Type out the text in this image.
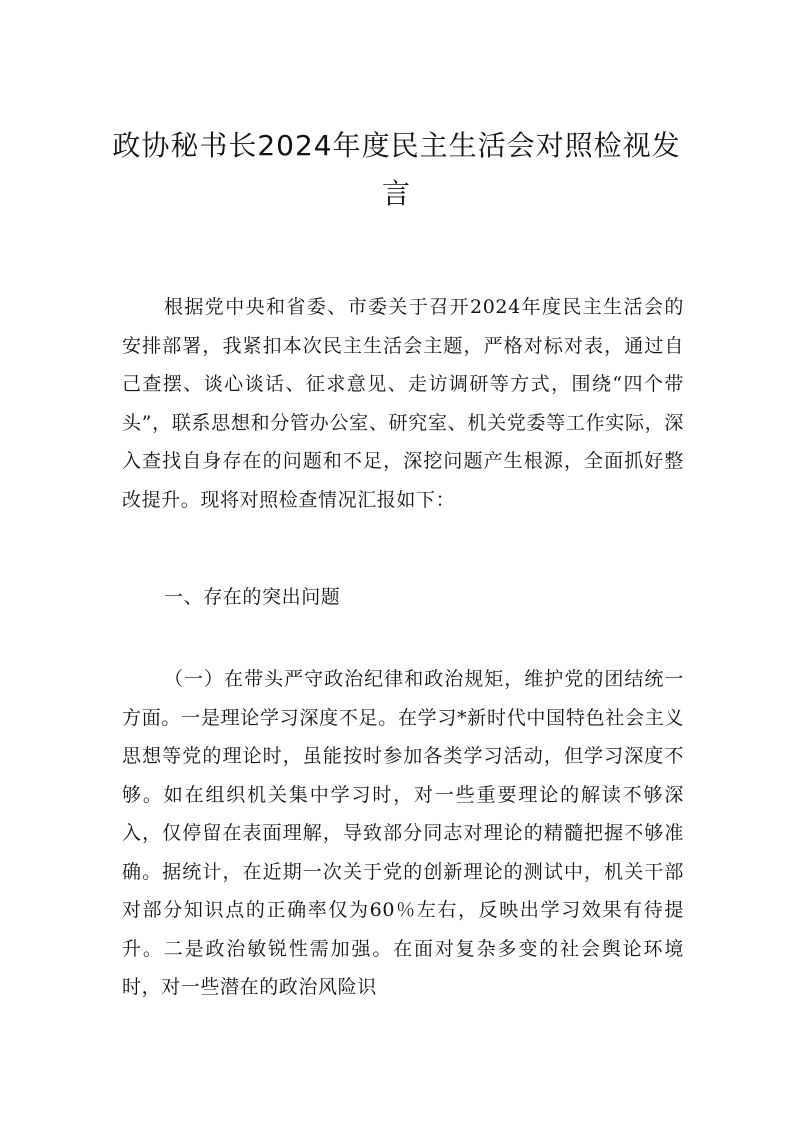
政协秘书长2024年度民主生活会对照检视发言

根据党中央和省委、市委关于召开2024年度民主生活会的安排部署，我紧扣本次民主生活会主题，严格对标对表，通过自己查摆、谈心谈话、征求意见、走访调研等方式，围绕“四个带头”，联系思想和分管办公室、研究室、机关党委等工作实际，深入查找自身存在的问题和不足，深挖问题产生根源，全面抓好整改提升。现将对照检查情况汇报如下：

一、存在的突出问题

（一）在带头严守政治纪律和政治规矩，维护党的团结统一方面。一是理论学习深度不足。在学习*新时代中国特色社会主义思想等党的理论时，虽能按时参加各类学习活动，但学习深度不够。如在组织机关集中学习时，对一些重要理论的解读不够深入，仅停留在表面理解，导致部分同志对理论的精髓把握不够准确。据统计，在近期一次关于党的创新理论的测试中，机关干部对部分知识点的正确率仅为60％左右，反映出学习效果有待提升。二是政治敏锐性需加强。在面对复杂多变的社会舆论环境时，对一些潜在的政治风险识
